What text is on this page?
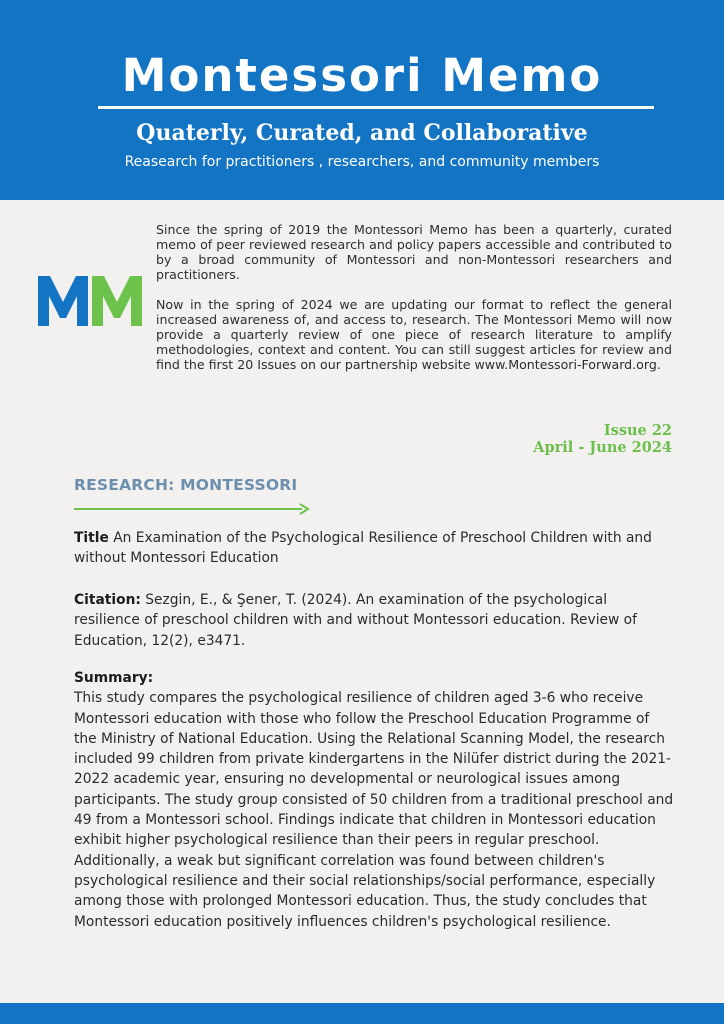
Montessori Memo
Quaterly, Curated, and Collaborative
Reasearch for practitioners , researchers, and community members

Since the spring of 2019 the Montessori Memo has been a quarterly, curated memo of peer reviewed research and policy papers accessible and contributed to by a broad community of Montessori and non-Montessori researchers and practitioners.

Now in the spring of 2024 we are updating our format to reflect the general increased awareness of, and access to, research. The Montessori Memo will now provide a quarterly review of one piece of research literature to amplify methodologies, context and content. You can still suggest articles for review and find the first 20 Issues on our partnership website www.Montessori-Forward.org.

Issue 22
April - June 2024
RESEARCH: MONTESSORI
Title An Examination of the Psychological Resilience of Preschool Children with and without Montessori Education
Citation: Sezgin, E., & Şener, T. (2024). An examination of the psychological resilience of preschool children with and without Montessori education. Review of Education, 12(2), e3471.
Summary:
This study compares the psychological resilience of children aged 3-6 who receive Montessori education with those who follow the Preschool Education Programme of the Ministry of National Education. Using the Relational Scanning Model, the research included 99 children from private kindergartens in the Nilüfer district during the 2021-2022 academic year, ensuring no developmental or neurological issues among participants. The study group consisted of 50 children from a traditional preschool and 49 from a Montessori school. Findings indicate that children in Montessori education exhibit higher psychological resilience than their peers in regular preschool. Additionally, a weak but significant correlation was found between children's psychological resilience and their social relationships/social performance, especially among those with prolonged Montessori education. Thus, the study concludes that Montessori education positively influences children's psychological resilience.
